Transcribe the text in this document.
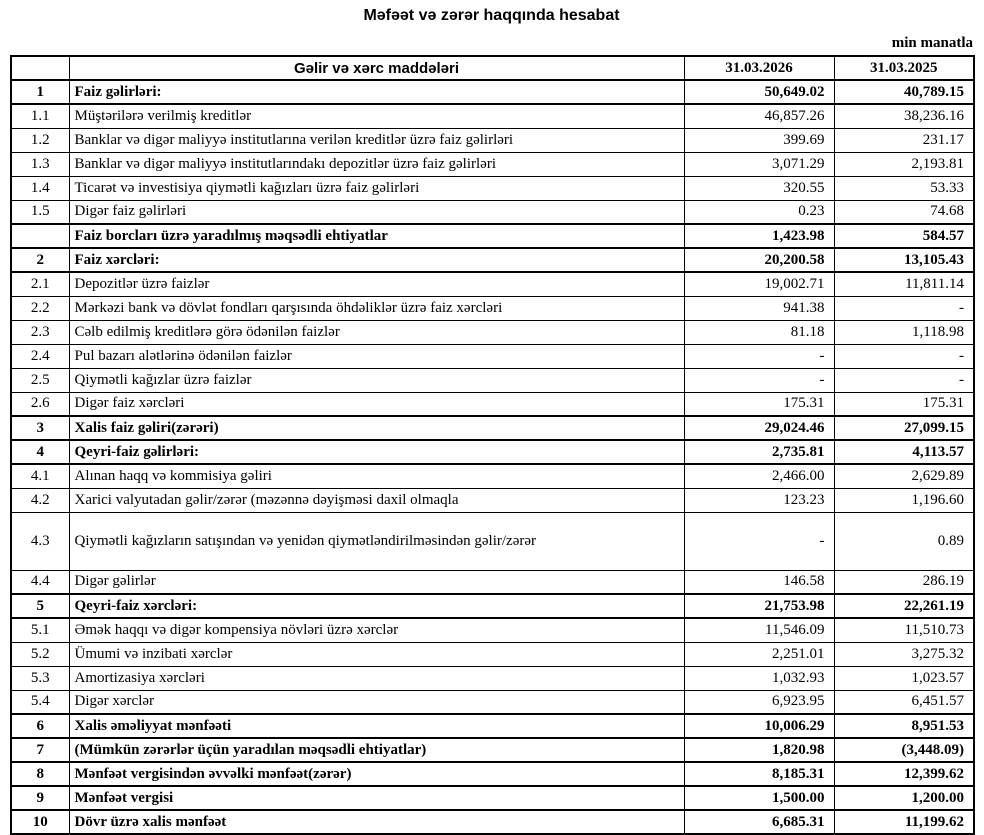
Məfəət və zərər haqqında hesabat
min manatla
	Gəlir və xərc maddələri	31.03.2026	31.03.2025
1	Faiz gəlirləri:	50,649.02	40,789.15
1.1	Müştərilərə verilmiş kreditlər	46,857.26	38,236.16
1.2	Banklar və digər maliyyə institutlarına verilən kreditlər üzrə faiz gəlirləri	399.69	231.17
1.3	Banklar və digər maliyyə institutlarındakı depozitlər üzrə faiz gəlirləri	3,071.29	2,193.81
1.4	Ticarət və investisiya qiymətli kağızları üzrə faiz gəlirləri	320.55	53.33
1.5	Digər faiz gəlirləri	0.23	74.68
	Faiz borcları üzrə yaradılmış məqsədli ehtiyatlar	1,423.98	584.57
2	Faiz xərcləri:	20,200.58	13,105.43
2.1	Depozitlər üzrə faizlər	19,002.71	11,811.14
2.2	Mərkəzi bank və dövlət fondları qarşısında öhdəliklər üzrə faiz xərcləri	941.38	-
2.3	Cəlb edilmiş kreditlərə görə ödənilən faizlər	81.18	1,118.98
2.4	Pul bazarı alətlərinə ödənilən faizlər	-	-
2.5	Qiymətli kağızlar üzrə faizlər	-	-
2.6	Digər faiz xərcləri	175.31	175.31
3	Xalis faiz gəliri(zərəri)	29,024.46	27,099.15
4	Qeyri-faiz gəlirləri:	2,735.81	4,113.57
4.1	Alınan haqq və kommisiya gəliri	2,466.00	2,629.89
4.2	Xarici valyutadan gəlir/zərər (məzənnə dəyişməsi daxil olmaqla	123.23	1,196.60
4.3	Qiymətli kağızların satışından və yenidən qiymətləndirilməsindən gəlir/zərər	-	0.89
4.4	Digər gəlirlər	146.58	286.19
5	Qeyri-faiz xərcləri:	21,753.98	22,261.19
5.1	Əmək haqqı və digər kompensiya növləri üzrə xərclər	11,546.09	11,510.73
5.2	Ümumi və inzibati xərclər	2,251.01	3,275.32
5.3	Amortizasiya xərcləri	1,032.93	1,023.57
5.4	Digər xərclər	6,923.95	6,451.57
6	Xalis əməliyyat mənfəəti	10,006.29	8,951.53
7	(Mümkün zərərlər üçün yaradılan məqsədli ehtiyatlar)	1,820.98	(3,448.09)
8	Mənfəət vergisindən əvvəlki mənfəət(zərər)	8,185.31	12,399.62
9	Mənfəət vergisi	1,500.00	1,200.00
10	Dövr üzrə xalis mənfəət	6,685.31	11,199.62
